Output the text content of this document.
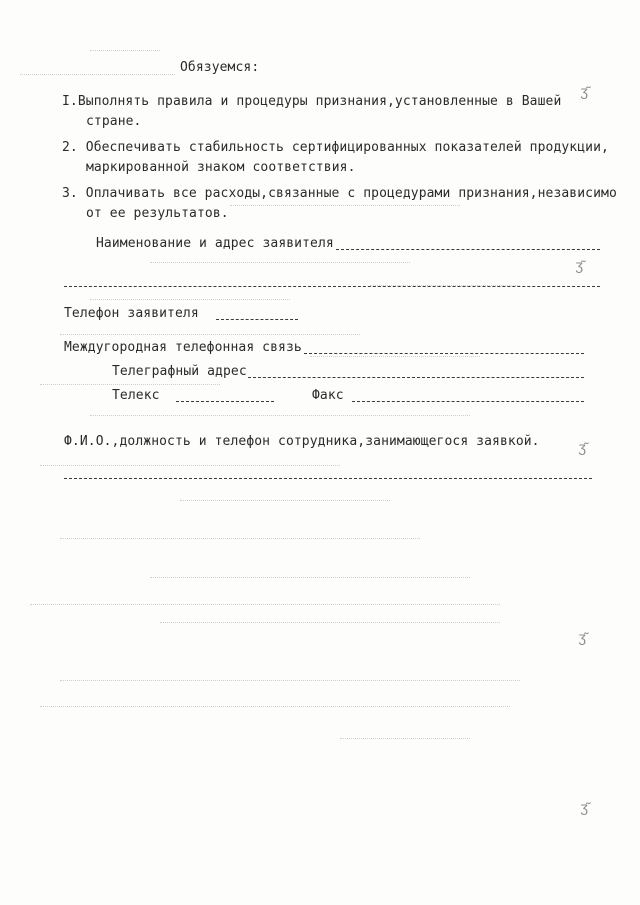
ʒ͂
ʒ͂
ʒ͂
ʒ͂
ʒ͂
Обязуемся:
I.Выполнять правила и процедуры признания,установленные в Вашей
стране.
2. Обеспечивать стабильность сертифицированных показателей продукции,
маркированной знаком соответствия.
3. Оплачивать все расходы,связанные с процедурами признания,независимо
от ее результатов.
Наименование и адрес заявителя
Телефон заявителя
Междугородная телефонная связь
Телеграфный адрес
Телекс	Факс
Ф.И.О.,должность и телефон сотрудника,занимающегося заявкой.
